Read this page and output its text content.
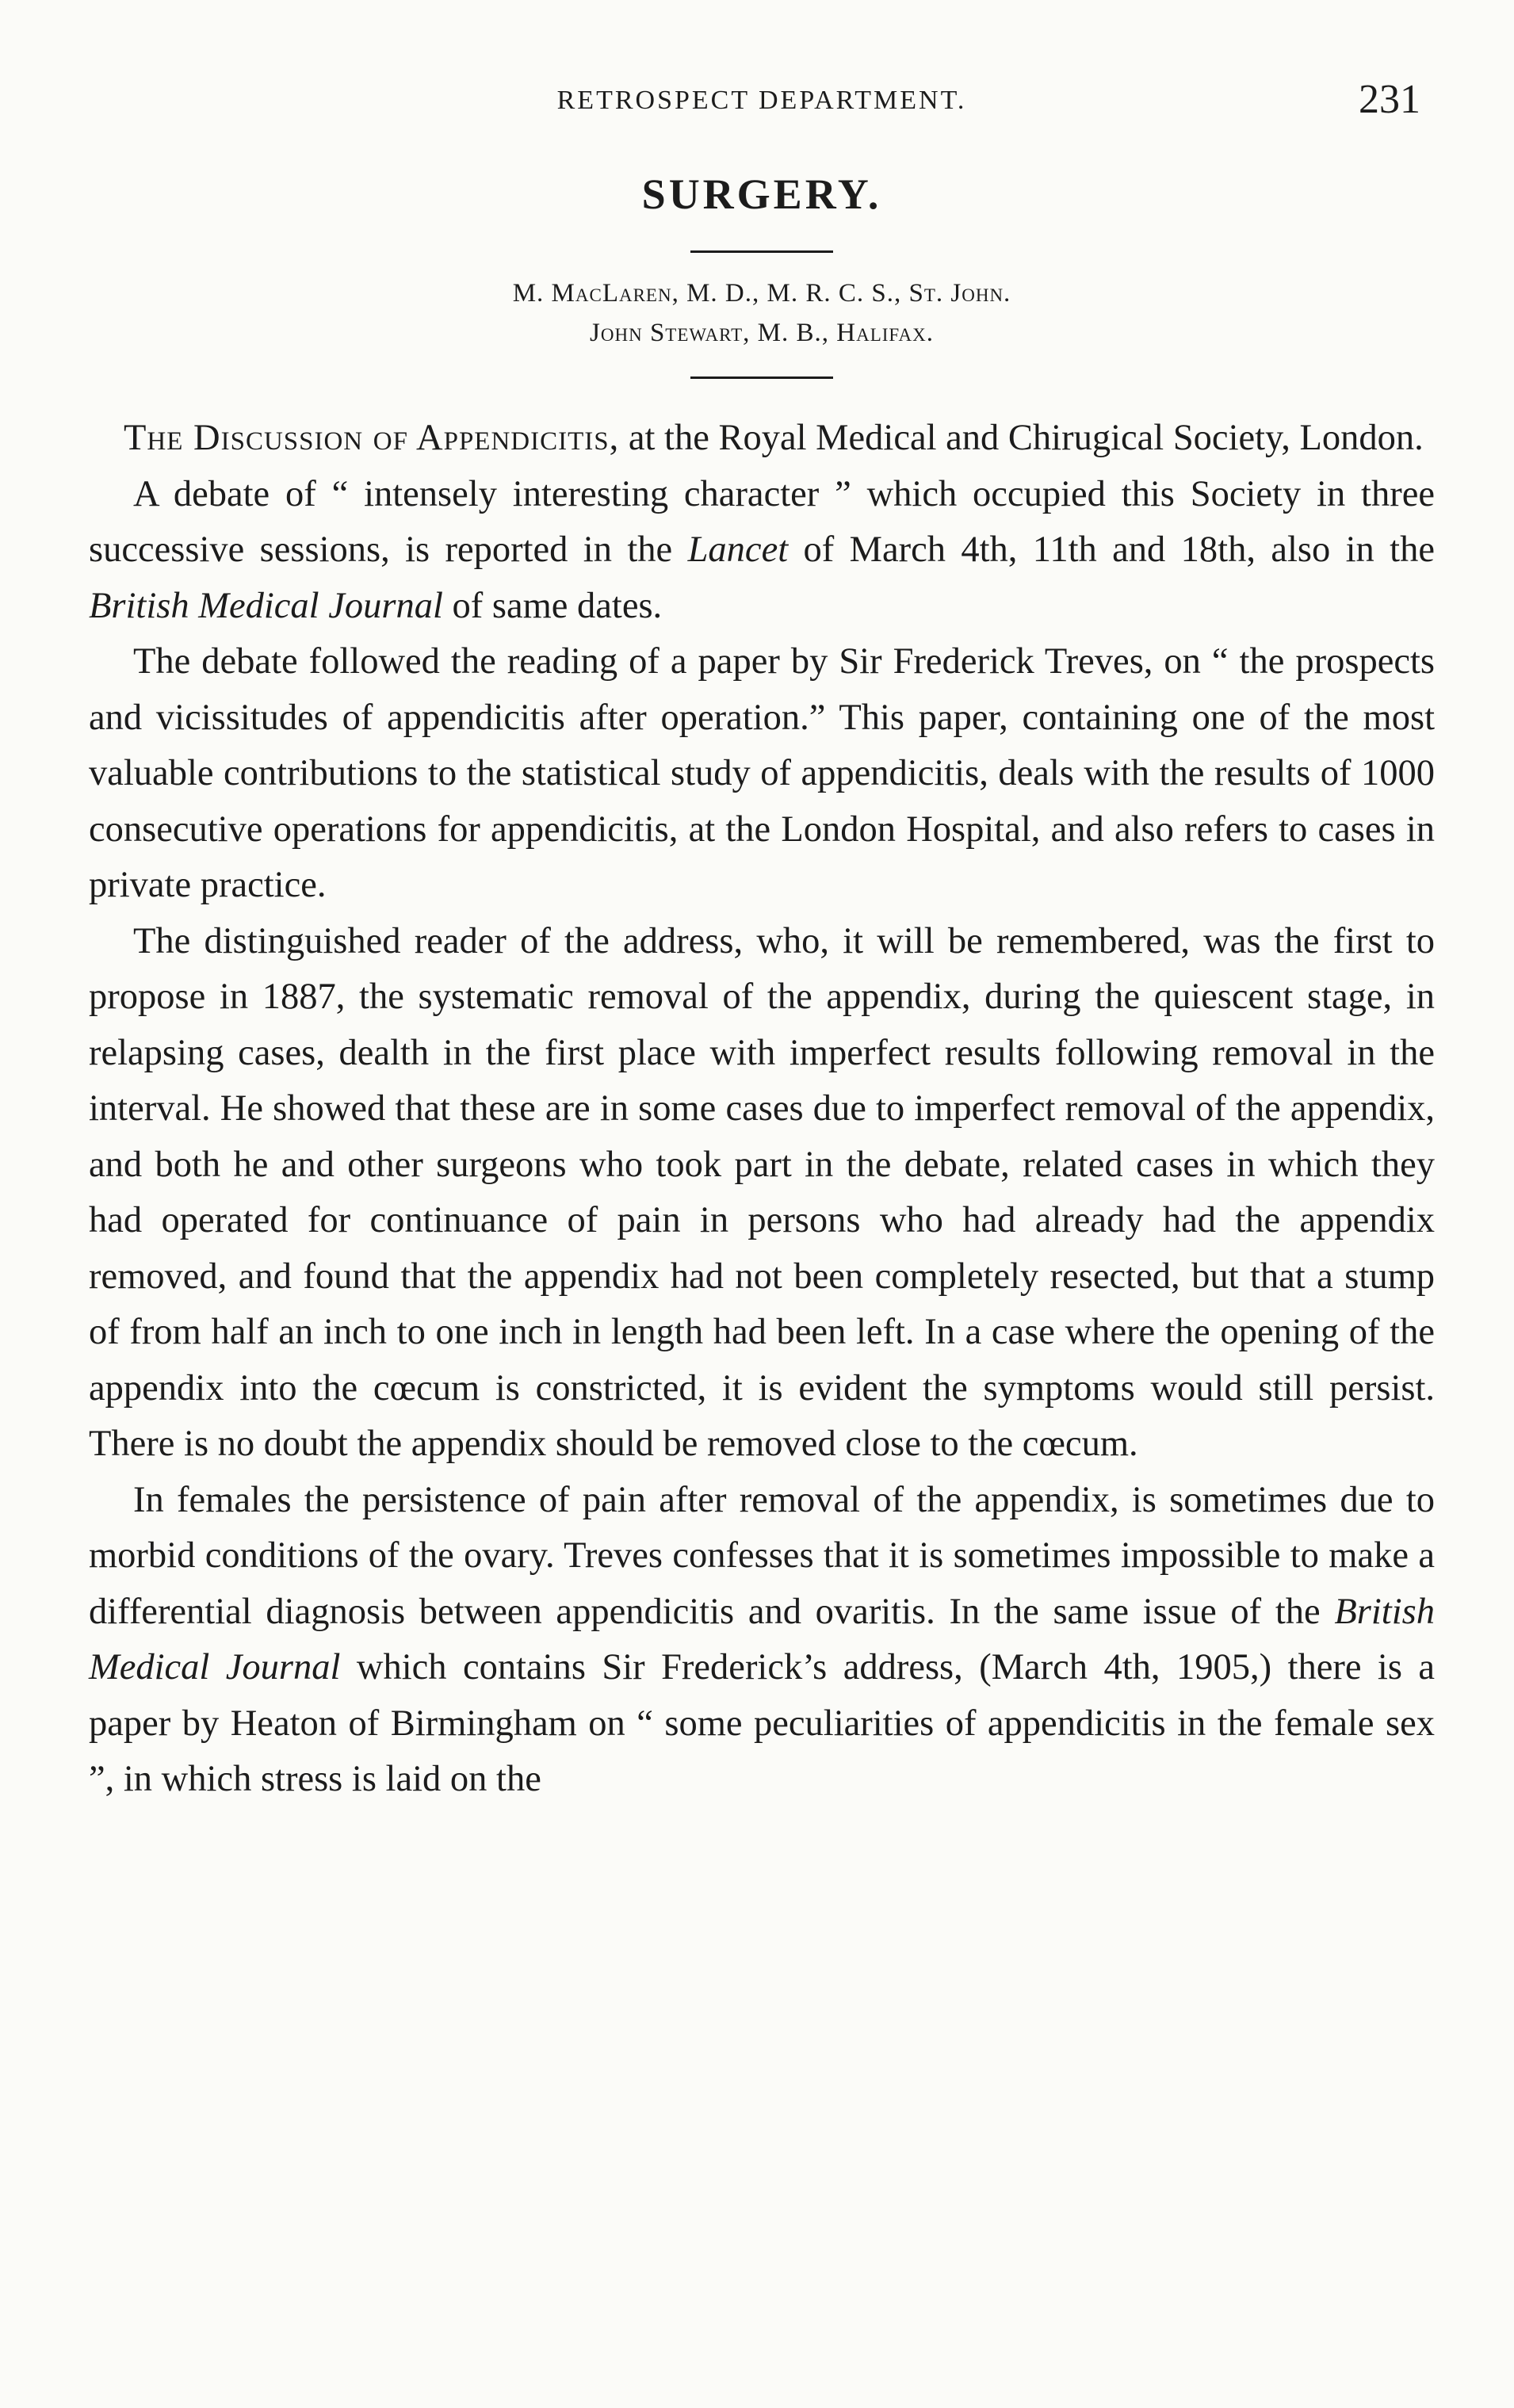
RETROSPECT DEPARTMENT.	231
SURGERY.
M. MacLaren, M. D., M. R. C. S., St. John.
John Stewart, M. B., Halifax.

The Discussion of Appendicitis, at the Royal Medical and Chirugical Society, London.

A debate of “ intensely interesting character ” which occupied this Society in three successive sessions, is reported in the Lancet of March 4th, 11th and 18th, also in the British Medical Journal of same dates.

The debate followed the reading of a paper by Sir Frederick Treves, on “ the prospects and vicissitudes of appendicitis after operation.” This paper, containing one of the most valuable contributions to the statistical study of appendicitis, deals with the results of 1000 consecutive operations for appendicitis, at the London Hospital, and also refers to cases in private practice.

The distinguished reader of the address, who, it will be remembered, was the first to propose in 1887, the systematic removal of the appendix, during the quiescent stage, in relapsing cases, dealth in the first place with imperfect results following removal in the interval. He showed that these are in some cases due to imperfect removal of the appendix, and both he and other surgeons who took part in the debate, related cases in which they had operated for continuance of pain in persons who had already had the appendix removed, and found that the appendix had not been completely resected, but that a stump of from half an inch to one inch in length had been left. In a case where the opening of the appendix into the cœcum is constricted, it is evident the symptoms would still persist. There is no doubt the appendix should be removed close to the cœcum.

In females the persistence of pain after removal of the appendix, is sometimes due to morbid conditions of the ovary. Treves confesses that it is sometimes impossible to make a differential diagnosis between appendicitis and ovaritis. In the same issue of the British Medical Journal which contains Sir Frederick’s address, (March 4th, 1905,) there is a paper by Heaton of Birmingham on “ some peculiarities of appendicitis in the female sex ”, in which stress is laid on the
